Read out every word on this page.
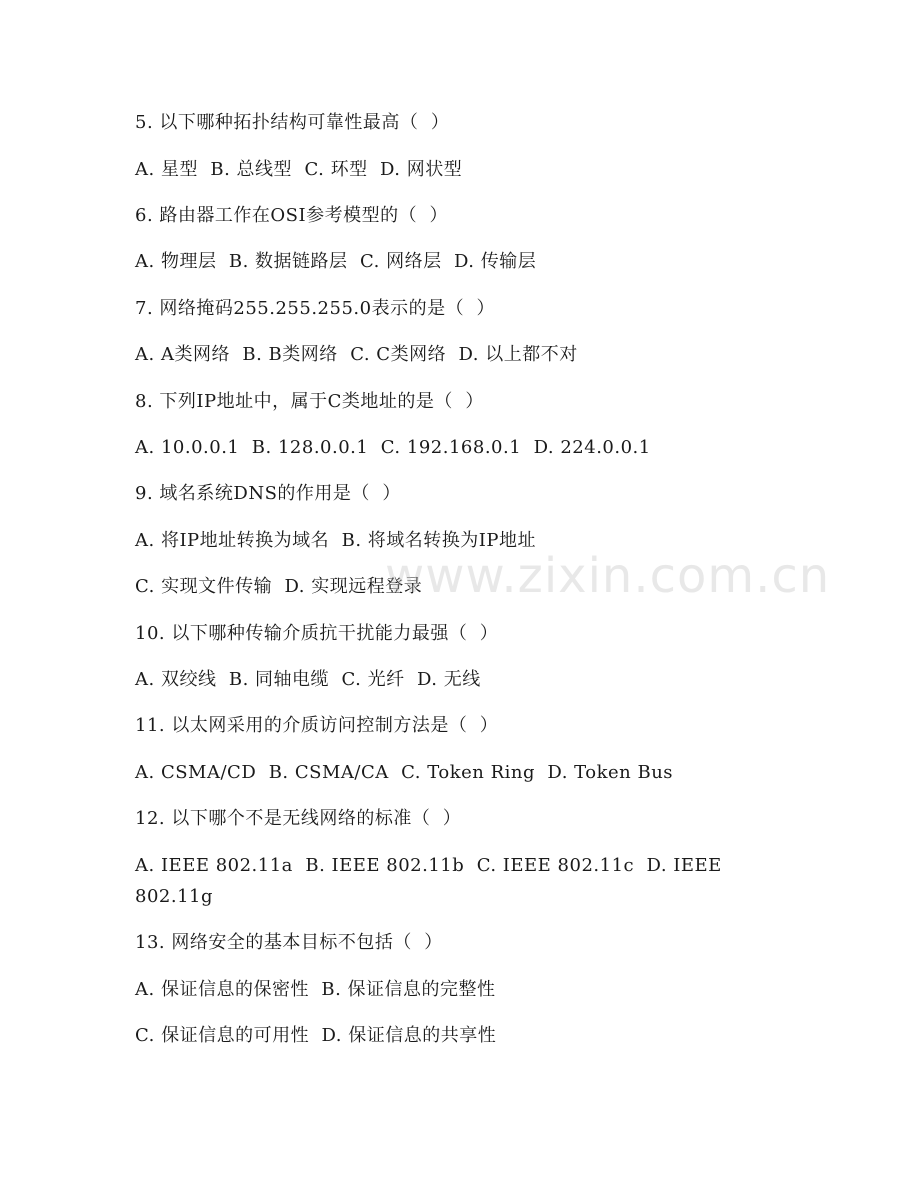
5. 以下哪种拓扑结构可靠性最高（  ）
A. 星型  B. 总线型  C. 环型  D. 网状型
6. 路由器工作在OSI参考模型的（  ）
A. 物理层  B. 数据链路层  C. 网络层  D. 传输层
7. 网络掩码255.255.255.0表示的是（  ）
A. A类网络  B. B类网络  C. C类网络  D. 以上都不对
8. 下列IP地址中，属于C类地址的是（  ）
A. 10.0.0.1  B. 128.0.0.1  C. 192.168.0.1  D. 224.0.0.1
9. 域名系统DNS的作用是（  ）
A. 将IP地址转换为域名  B. 将域名转换为IP地址
C. 实现文件传输  D. 实现远程登录
10. 以下哪种传输介质抗干扰能力最强（  ）
A. 双绞线  B. 同轴电缆  C. 光纤  D. 无线
11. 以太网采用的介质访问控制方法是（  ）
A. CSMA/CD  B. CSMA/CA  C. Token Ring  D. Token Bus
12. 以下哪个不是无线网络的标准（  ）
A. IEEE 802.11a  B. IEEE 802.11b  C. IEEE 802.11c  D. IEEE
802.11g
13. 网络安全的基本目标不包括（  ）
A. 保证信息的保密性  B. 保证信息的完整性
C. 保证信息的可用性  D. 保证信息的共享性
www.zixin.com.cn
